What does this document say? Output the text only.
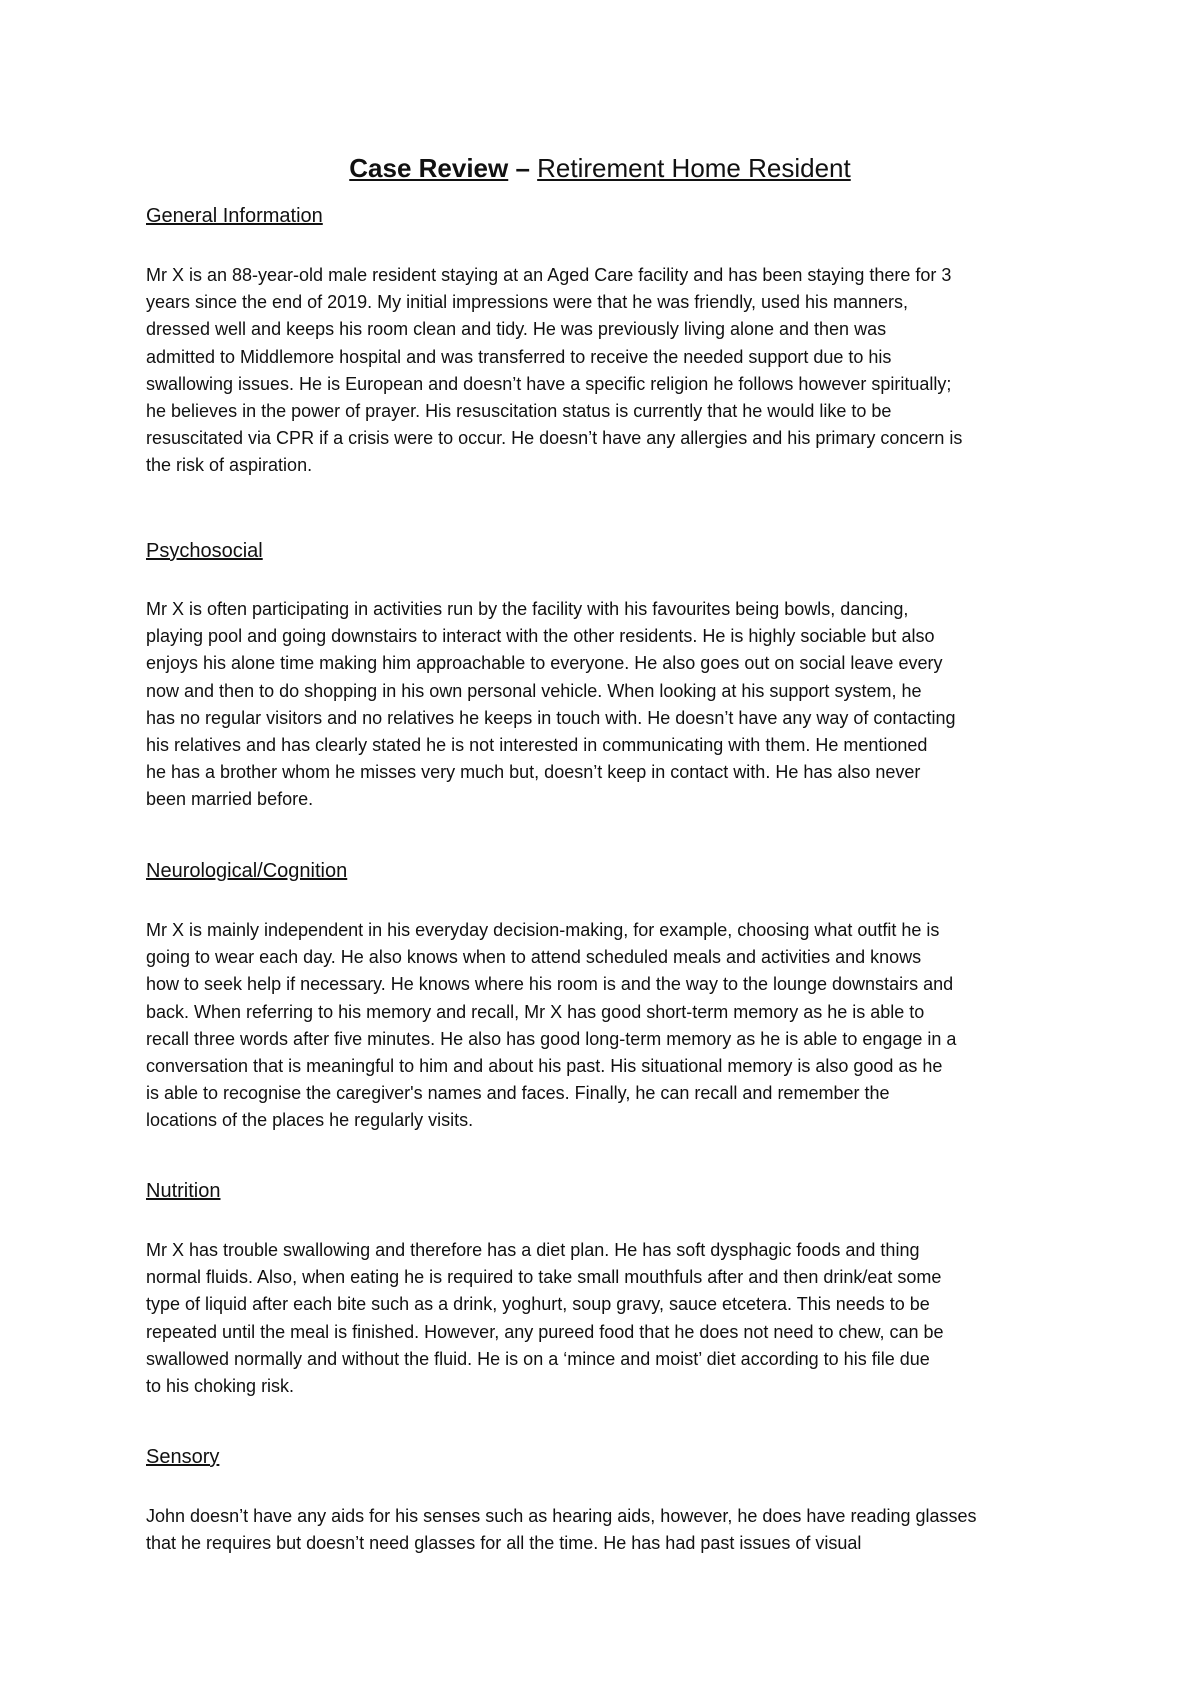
Case Review – Retirement Home Resident
General Information
Mr X is an 88-year-old male resident staying at an Aged Care facility and has been staying there for 3
years since the end of 2019. My initial impressions were that he was friendly, used his manners,
dressed well and keeps his room clean and tidy. He was previously living alone and then was
admitted to Middlemore hospital and was transferred to receive the needed support due to his
swallowing issues. He is European and doesn’t have a specific religion he follows however spiritually;
he believes in the power of prayer. His resuscitation status is currently that he would like to be
resuscitated via CPR if a crisis were to occur. He doesn’t have any allergies and his primary concern is
the risk of aspiration.
Psychosocial
Mr X is often participating in activities run by the facility with his favourites being bowls, dancing,
playing pool and going downstairs to interact with the other residents. He is highly sociable but also
enjoys his alone time making him approachable to everyone. He also goes out on social leave every
now and then to do shopping in his own personal vehicle. When looking at his support system, he
has no regular visitors and no relatives he keeps in touch with. He doesn’t have any way of contacting
his relatives and has clearly stated he is not interested in communicating with them. He mentioned
he has a brother whom he misses very much but, doesn’t keep in contact with. He has also never
been married before.
Neurological/Cognition
Mr X is mainly independent in his everyday decision-making, for example, choosing what outfit he is
going to wear each day. He also knows when to attend scheduled meals and activities and knows
how to seek help if necessary. He knows where his room is and the way to the lounge downstairs and
back. When referring to his memory and recall, Mr X has good short-term memory as he is able to
recall three words after five minutes. He also has good long-term memory as he is able to engage in a
conversation that is meaningful to him and about his past. His situational memory is also good as he
is able to recognise the caregiver's names and faces. Finally, he can recall and remember the
locations of the places he regularly visits.
Nutrition
Mr X has trouble swallowing and therefore has a diet plan. He has soft dysphagic foods and thing
normal fluids. Also, when eating he is required to take small mouthfuls after and then drink/eat some
type of liquid after each bite such as a drink, yoghurt, soup gravy, sauce etcetera. This needs to be
repeated until the meal is finished. However, any pureed food that he does not need to chew, can be
swallowed normally and without the fluid. He is on a ‘mince and moist’ diet according to his file due
to his choking risk.
Sensory
John doesn’t have any aids for his senses such as hearing aids, however, he does have reading glasses
that he requires but doesn’t need glasses for all the time. He has had past issues of visual
